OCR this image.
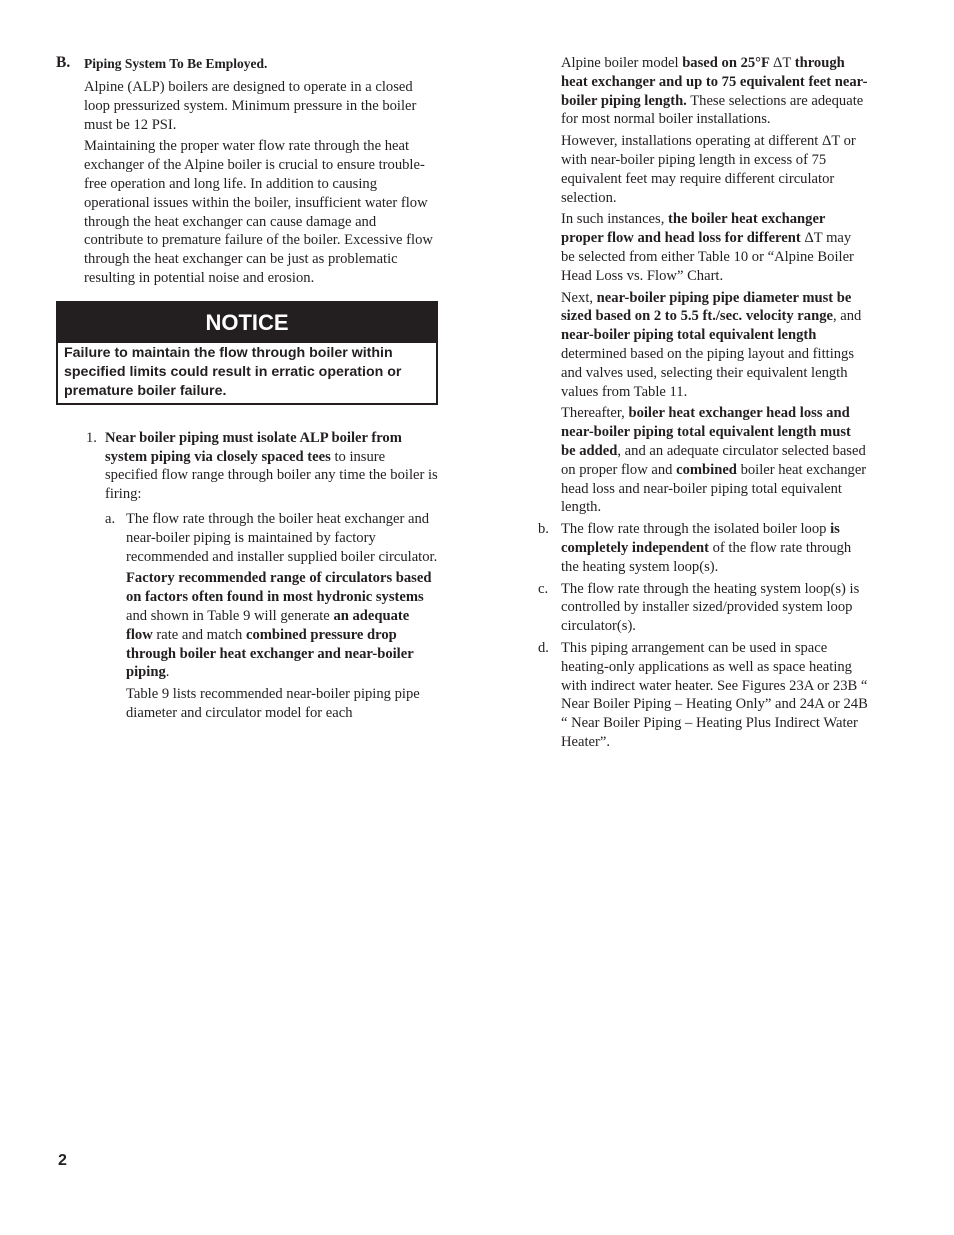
B. Piping System To Be Employed.

Alpine (ALP) boilers are designed to operate in a closed loop pressurized system. Minimum pressure in the boiler must be 12 PSI.

Maintaining the proper water flow rate through the heat exchanger of the Alpine boiler is crucial to ensure trouble-free operation and long life. In addition to causing operational issues within the boiler, insufficient water flow through the heat exchanger can cause damage and contribute to premature failure of the boiler. Excessive flow through the heat exchanger can be just as problematic resulting in potential noise and erosion.

NOTICE
Failure to maintain the flow through boiler within specified limits could result in erratic operation or premature boiler failure.
1. Near boiler piping must isolate ALP boiler from system piping via closely spaced tees to insure specified flow range through boiler any time the boiler is firing:

a. The flow rate through the boiler heat exchanger and near-boiler piping is maintained by factory recommended and installer supplied boiler circulator.

Factory recommended range of circulators based on factors often found in most hydronic systems and shown in Table 9 will generate an adequate flow rate and match combined pressure drop through boiler heat exchanger and near-boiler piping.

Table 9 lists recommended near-boiler piping pipe diameter and circulator model for each

Alpine boiler model based on 25°F ΔT through heat exchanger and up to 75 equivalent feet near-boiler piping length. These selections are adequate for most normal boiler installations.

However, installations operating at different ΔT or with near-boiler piping length in excess of 75 equivalent feet may require different circulator selection.

In such instances, the boiler heat exchanger proper flow and head loss for different ΔT may be selected from either Table 10 or “Alpine Boiler Head Loss vs. Flow” Chart.

Next, near-boiler piping pipe diameter must be sized based on 2 to 5.5 ft./sec. velocity range, and near-boiler piping total equivalent length determined based on the piping layout and fittings and valves used, selecting their equivalent length values from Table 11.

Thereafter, boiler heat exchanger head loss and near-boiler piping total equivalent length must be added, and an adequate circulator selected based on proper flow and combined boiler heat exchanger head loss and near-boiler piping total equivalent length.

b. The flow rate through the isolated boiler loop is completely independent of the flow rate through the heating system loop(s).

c. The flow rate through the heating system loop(s) is controlled by installer sized/provided system loop circulator(s).

d. This piping arrangement can be used in space heating-only applications as well as space heating with indirect water heater. See Figures 23A or 23B “ Near Boiler Piping – Heating Only” and 24A or 24B “ Near Boiler Piping – Heating Plus Indirect Water Heater”.

2
